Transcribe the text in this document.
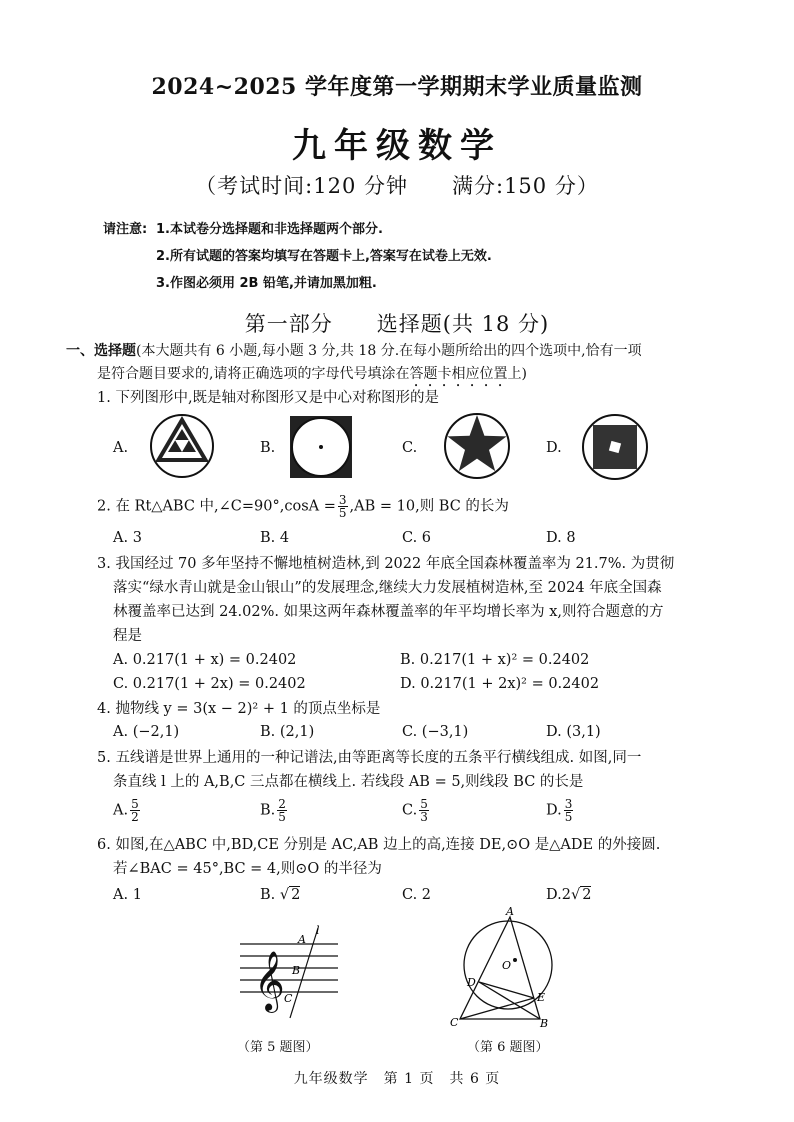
2024~2025 学年度第一学期期末学业质量监测
九年级数学
（考试时间:120 分钟　　满分:150 分）
请注意: 1.本试卷分选择题和非选择题两个部分.
2.所有试题的答案均填写在答题卡上,答案写在试卷上无效.
3.作图必须用 2B 铅笔,并请加黑加粗.
第一部分　　选择题(共 18 分)
一、选择题(本大题共有 6 小题,每小题 3 分,共 18 分.在每小题所给出的四个选项中,恰有一项
是符合题目要求的,请将正确选项的字母代号填涂在答题卡相应位置上)
1. 下列图形中,既是轴对称图形又是中心对称图形的是
A.	B.	C.	D.
2. 在 Rt△ABC 中,∠C=90°,cosA = $\frac{3}{5} ,AB = 10$,则 BC 的长为
A. 3	B. 4	C. 6	D. 8
3. 我国经过 70 多年坚持不懈地植树造林,到 2022 年底全国森林覆盖率为 21.7%. 为贯彻
落实“绿水青山就是金山银山”的发展理念,继续大力发展植树造林,至 2024 年底全国森
林覆盖率已达到 24.02%. 如果这两年森林覆盖率的年平均增长率为 x,则符合题意的方
程是
A. 0.217(1 + x) = 0.2402	B. 0.217(1 + x)² = 0.2402
C. 0.217(1 + 2x) = 0.2402	D. 0.217(1 + 2x)² = 0.2402
4. 抛物线 y = 3(x − 2)² + 1 的顶点坐标是
A. (−2,1)	B. (2,1)	C. (−3,1)	D. (3,1)
5. 五线谱是世界上通用的一种记谱法,由等距离等长度的五条平行横线组成. 如图,同一
条直线 l 上的 A,B,C 三点都在横线上. 若线段 AB = 5,则线段 BC 的长是
A. $\frac{5}{2}$	B. $\frac{2}{5}$	C. $\frac{5}{3}$	D. $\frac{3}{5}$
6. 如图,在△ABC 中,BD,CE 分别是 AC,AB 边上的高,连接 DE,⊙O 是△ADE 的外接圆.
若∠BAC = 45°,BC = 4,则⊙O 的半径为
A. 1	B. √ 2	C. 2	D.2√ 2
𝄞
A
B
C
l
（第 5 题图）
A
O
D
E
C	B
（第 6 题图）
九年级数学　第 1 页　共 6 页
